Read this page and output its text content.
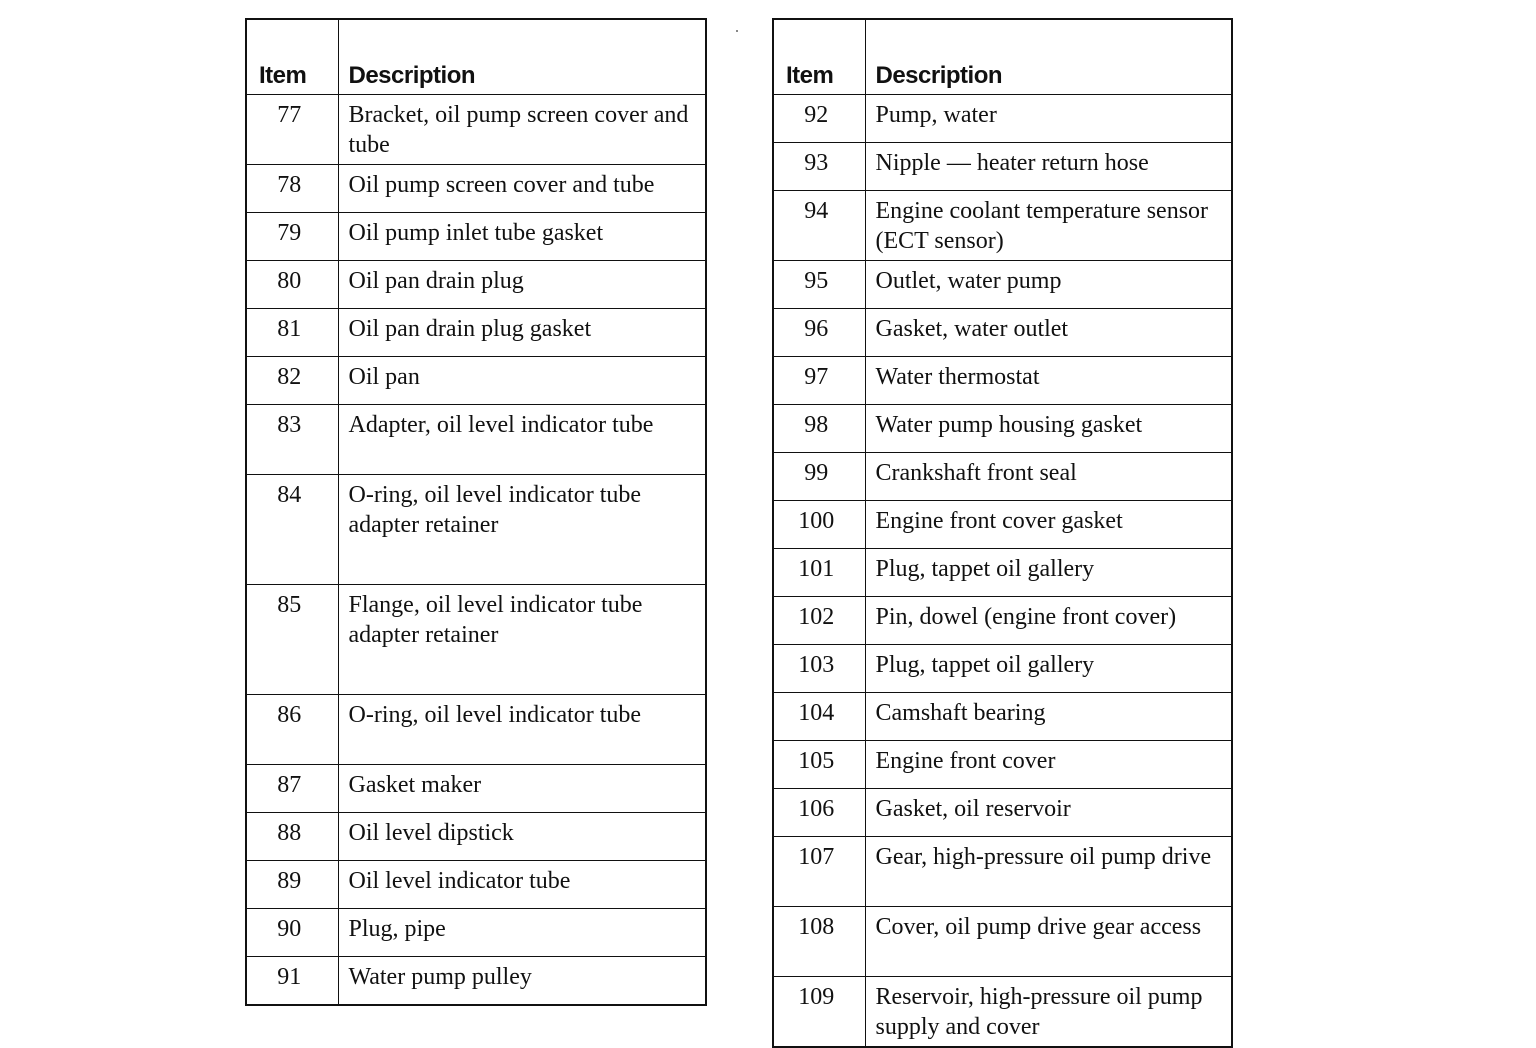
Item	Description
77	Bracket, oil pump screen cover and tube
78	Oil pump screen cover and tube
79	Oil pump inlet tube gasket
80	Oil pan drain plug
81	Oil pan drain plug gasket
82	Oil pan
83	Adapter, oil level indicator tube
84	O-ring, oil level indicator tube adapter retainer
85	Flange, oil level indicator tube adapter retainer
86	O-ring, oil level indicator tube
87	Gasket maker
88	Oil level dipstick
89	Oil level indicator tube
90	Plug, pipe
91	Water pump pulley
Item	Description
92	Pump, water
93	Nipple — heater return hose
94	Engine coolant temperature sensor (ECT sensor)
95	Outlet, water pump
96	Gasket, water outlet
97	Water thermostat
98	Water pump housing gasket
99	Crankshaft front seal
100	Engine front cover gasket
101	Plug, tappet oil gallery
102	Pin, dowel (engine front cover)
103	Plug, tappet oil gallery
104	Camshaft bearing
105	Engine front cover
106	Gasket, oil reservoir
107	Gear, high-pressure oil pump drive
108	Cover, oil pump drive gear access
109	Reservoir, high-pressure oil pump supply and cover
